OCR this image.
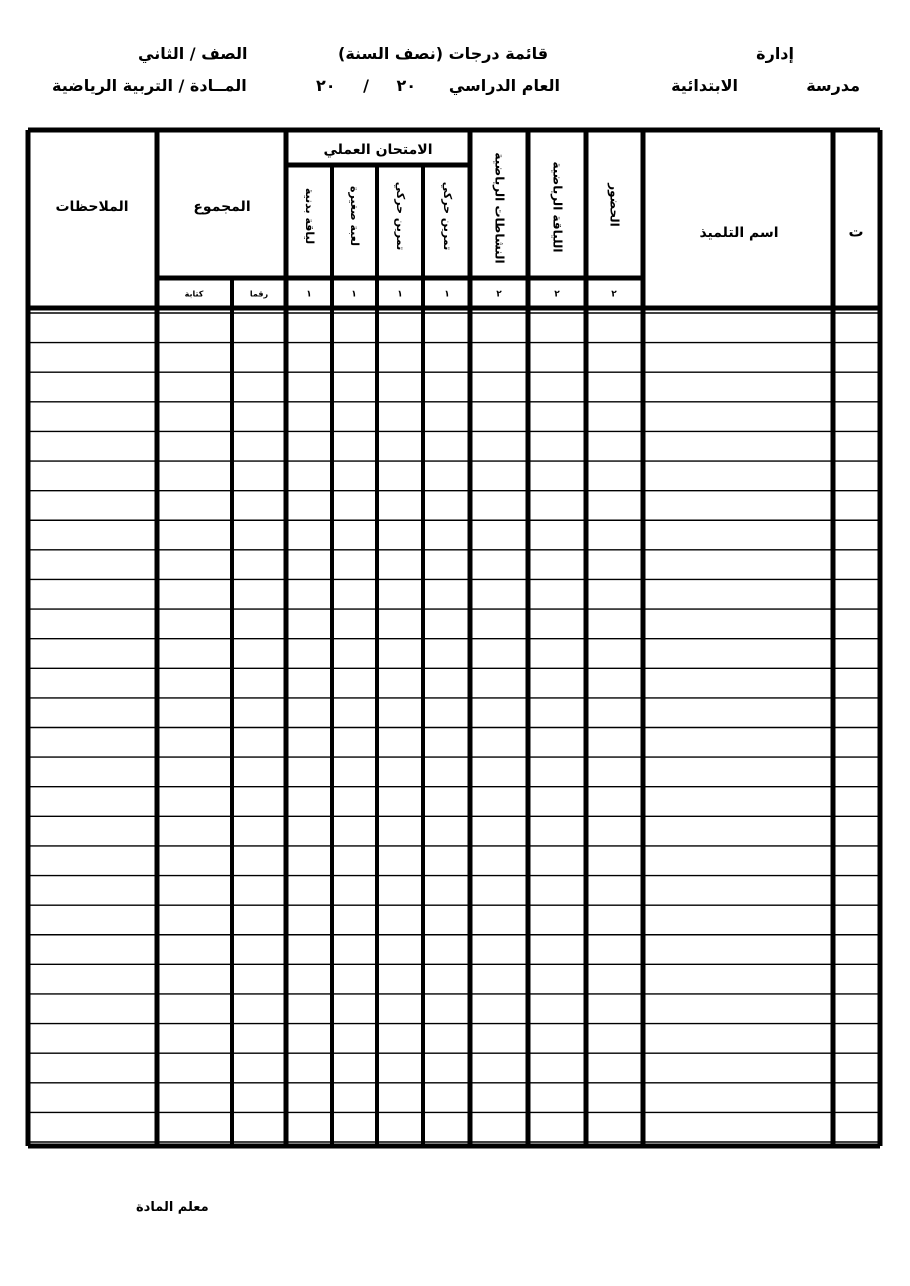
إدارة
قائمة درجات (نصف السنة)
الصف / الثاني
مدرسة
الابتدائية
العام الدراسي
٢٠ / ٢٠
المــادة / التربية الرياضية
ت
اسم التلميذ
الحضور
اللياقة الرياضية
النشاطات الرياضية
الامتحان العملي
تمرين حركي
تمرين حركي
لعبة صغيرة
لياقة بدنية
المجموع
رقما
كتابة
الملاحظات
٢
٢
٢
١
١
١
١
معلم المادة
